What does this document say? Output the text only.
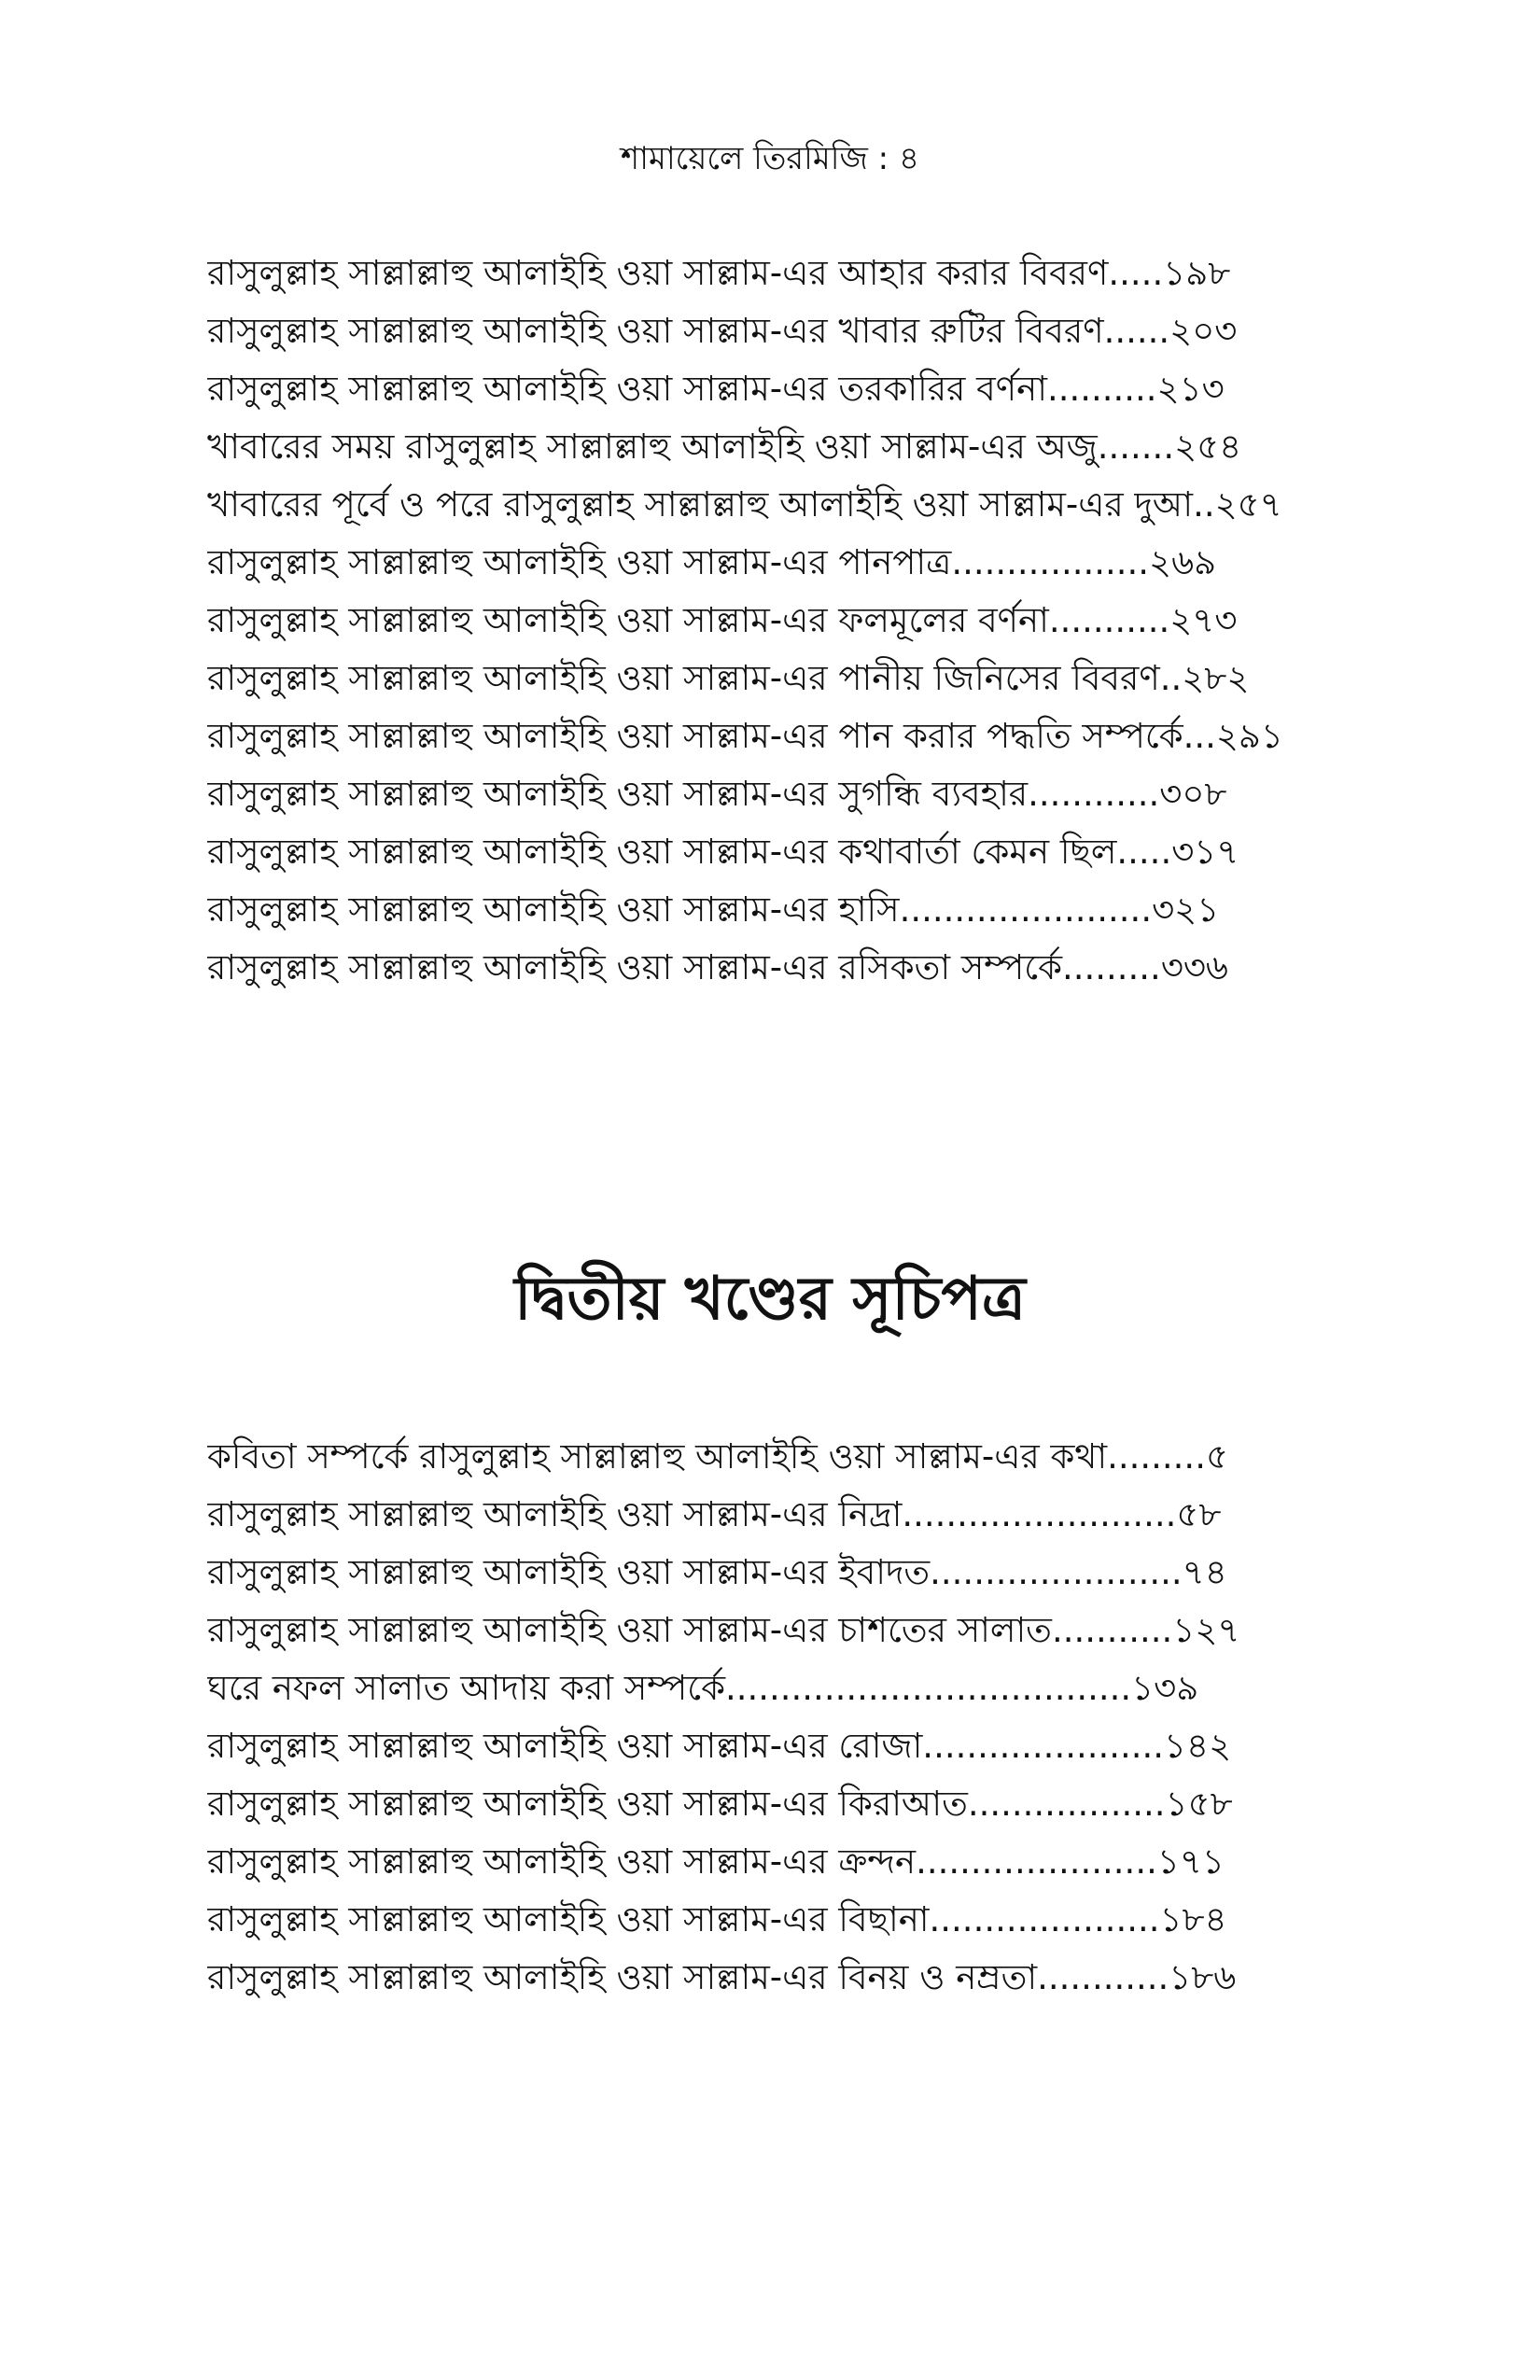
শামায়েলে তিরমিজি : ৪
রাসুলুল্লাহ সাল্লাল্লাহু আলাইহি ওয়া সাল্লাম-এর আহার করার বিবরণ.....১৯৮
রাসুলুল্লাহ সাল্লাল্লাহু আলাইহি ওয়া সাল্লাম-এর খাবার রুটির বিবরণ......২০৩
রাসুলুল্লাহ সাল্লাল্লাহু আলাইহি ওয়া সাল্লাম-এর তরকারির বর্ণনা..........২১৩
খাবারের সময় রাসুলুল্লাহ সাল্লাল্লাহু আলাইহি ওয়া সাল্লাম-এর অজু.......২৫৪
খাবারের পূর্বে ও পরে রাসুলুল্লাহ সাল্লাল্লাহু আলাইহি ওয়া সাল্লাম-এর দুআ..২৫৭
রাসুলুল্লাহ সাল্লাল্লাহু আলাইহি ওয়া সাল্লাম-এর পানপাত্র..................২৬৯
রাসুলুল্লাহ সাল্লাল্লাহু আলাইহি ওয়া সাল্লাম-এর ফলমূলের বর্ণনা...........২৭৩
রাসুলুল্লাহ সাল্লাল্লাহু আলাইহি ওয়া সাল্লাম-এর পানীয় জিনিসের বিবরণ..২৮২
রাসুলুল্লাহ সাল্লাল্লাহু আলাইহি ওয়া সাল্লাম-এর পান করার পদ্ধতি সম্পর্কে...২৯১
রাসুলুল্লাহ সাল্লাল্লাহু আলাইহি ওয়া সাল্লাম-এর সুগন্ধি ব্যবহার............৩০৮
রাসুলুল্লাহ সাল্লাল্লাহু আলাইহি ওয়া সাল্লাম-এর কথাবার্তা কেমন ছিল.....৩১৭
রাসুলুল্লাহ সাল্লাল্লাহু আলাইহি ওয়া সাল্লাম-এর হাসি.......................৩২১
রাসুলুল্লাহ সাল্লাল্লাহু আলাইহি ওয়া সাল্লাম-এর রসিকতা সম্পর্কে.........৩৩৬
দ্বিতীয় খণ্ডের সূচিপত্র
কবিতা সম্পর্কে রাসুলুল্লাহ সাল্লাল্লাহু আলাইহি ওয়া সাল্লাম-এর কথা.........৫
রাসুলুল্লাহ সাল্লাল্লাহু আলাইহি ওয়া সাল্লাম-এর নিদ্রা.........................৫৮
রাসুলুল্লাহ সাল্লাল্লাহু আলাইহি ওয়া সাল্লাম-এর ইবাদত.......................৭৪
রাসুলুল্লাহ সাল্লাল্লাহু আলাইহি ওয়া সাল্লাম-এর চাশতের সালাত...........১২৭
ঘরে নফল সালাত আদায় করা সম্পর্কে.....................................১৩৯
রাসুলুল্লাহ সাল্লাল্লাহু আলাইহি ওয়া সাল্লাম-এর রোজা......................১৪২
রাসুলুল্লাহ সাল্লাল্লাহু আলাইহি ওয়া সাল্লাম-এর কিরাআত..................১৫৮
রাসুলুল্লাহ সাল্লাল্লাহু আলাইহি ওয়া সাল্লাম-এর ক্রন্দন......................১৭১
রাসুলুল্লাহ সাল্লাল্লাহু আলাইহি ওয়া সাল্লাম-এর বিছানা.....................১৮৪
রাসুলুল্লাহ সাল্লাল্লাহু আলাইহি ওয়া সাল্লাম-এর বিনয় ও নম্রতা............১৮৬
